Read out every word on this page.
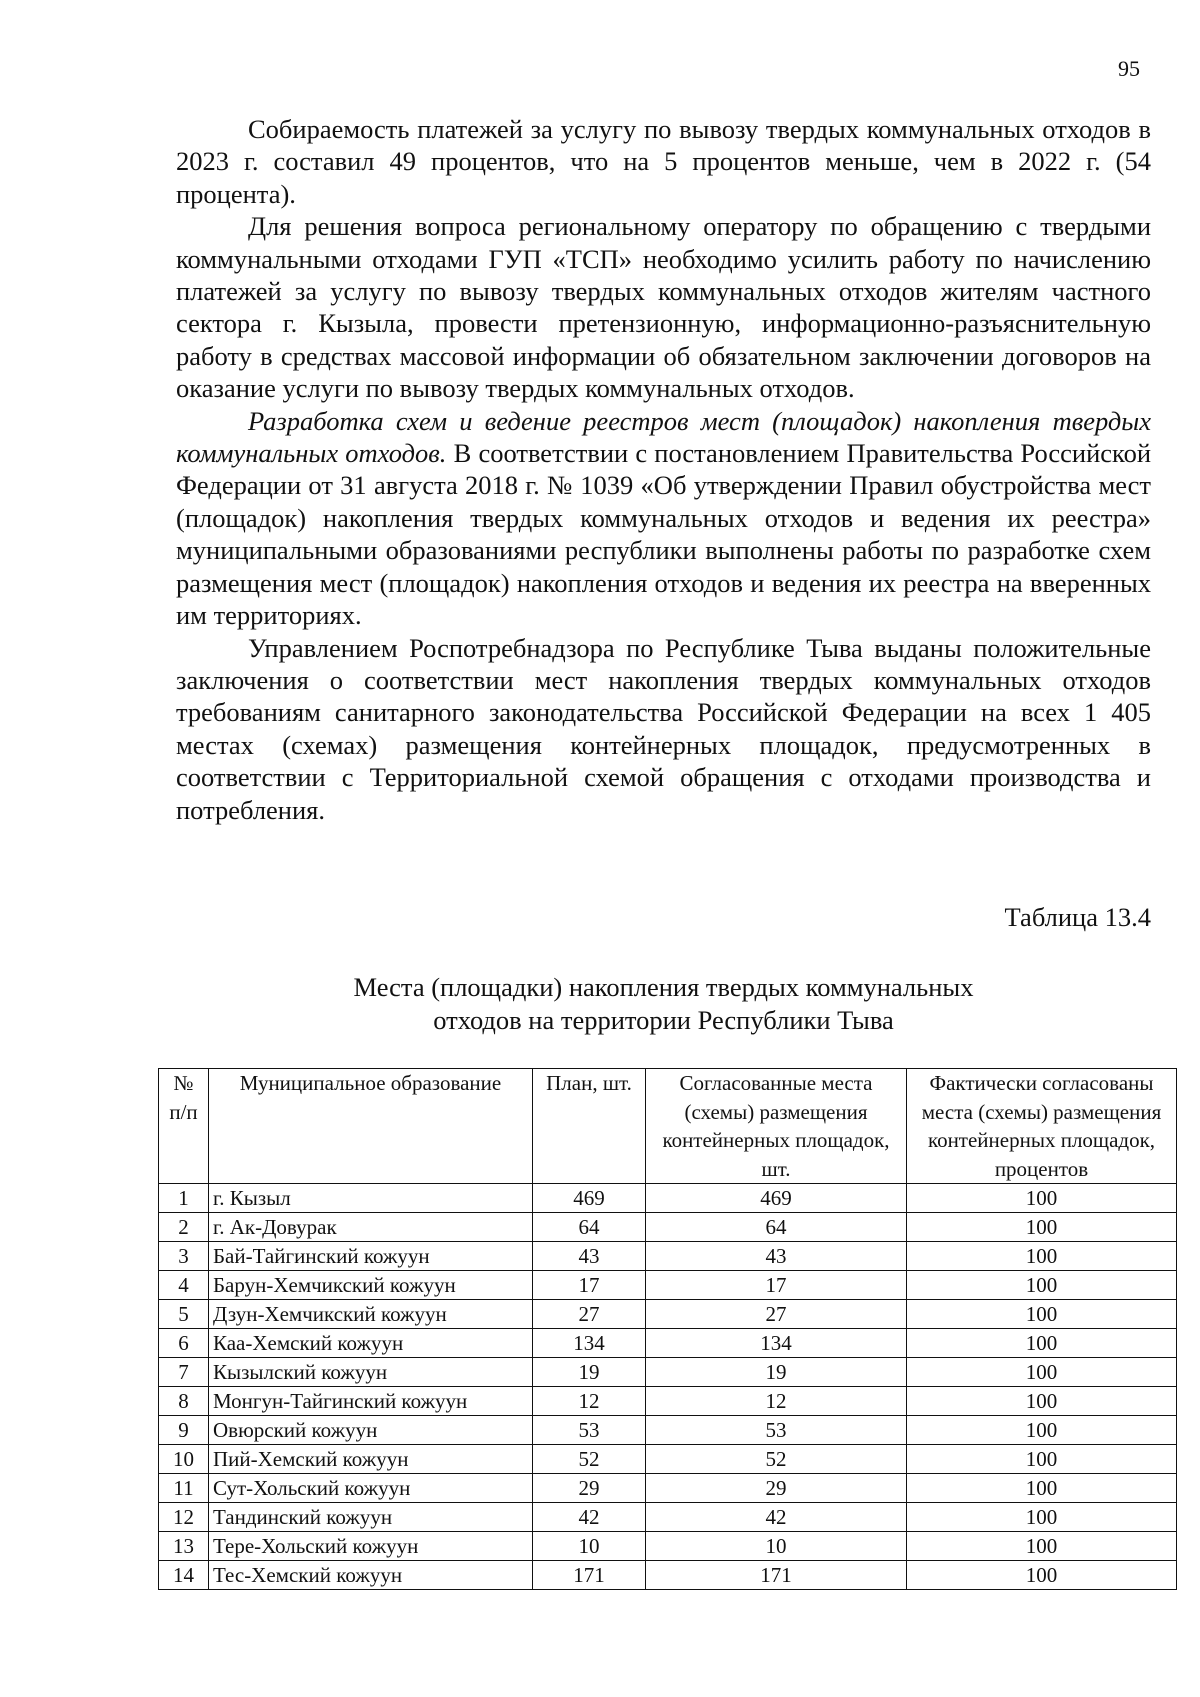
95

Собираемость платежей за услугу по вывозу твердых коммунальных отходов в 2023 г. составил 49 процентов, что на 5 процентов меньше, чем в 2022 г. (54 процента).

Для решения вопроса региональному оператору по обращению с твердыми коммунальными отходами ГУП «ТСП» необходимо усилить работу по начислению платежей за услугу по вывозу твердых коммунальных отходов жителям частного сектора г. Кызыла, провести претензионную, информационно-разъяснительную работу в средствах массовой информации об обязательном заключении договоров на оказание услуги по вывозу твердых коммунальных отходов.

Разработка схем и ведение реестров мест (площадок) накопления твердых коммунальных отходов. В соответствии с постановлением Правительства Российской Федерации от 31 августа 2018 г. № 1039 «Об утверждении Правил обустройства мест (площадок) накопления твердых коммунальных отходов и ведения их реестра» муниципальными образованиями республики выполнены работы по разработке схем размещения мест (площадок) накопления отходов и ведения их реестра на вверенных им территориях.

Управлением Роспотребнадзора по Республике Тыва выданы положительные заключения о соответствии мест накопления твердых коммунальных отходов требованиям санитарного законодательства Российской Федерации на всех 1 405 местах (схемах) размещения контейнерных площадок, предусмотренных в соответствии с Территориальной схемой обращения с отходами производства и потребления.

Таблица 13.4
Места (площадки) накопления твердых коммунальных
отходов на территории Республики Тыва
№ п/п	Муниципальное образование	План, шт.	Согласованные места (схемы) размещения контейнерных площадок, шт.	Фактически согласованы места (схемы) размещения контейнерных площадок, процентов
1	г. Кызыл	469	469	100
2	г. Ак-Довурак	64	64	100
3	Бай-Тайгинский кожуун	43	43	100
4	Барун-Хемчикский кожуун	17	17	100
5	Дзун-Хемчикский кожуун	27	27	100
6	Каа-Хемский кожуун	134	134	100
7	Кызылский кожуун	19	19	100
8	Монгун-Тайгинский кожуун	12	12	100
9	Овюрский кожуун	53	53	100
10	Пий-Хемский кожуун	52	52	100
11	Сут-Хольский кожуун	29	29	100
12	Тандинский кожуун	42	42	100
13	Тере-Хольский кожуун	10	10	100
14	Тес-Хемский кожуун	171	171	100
